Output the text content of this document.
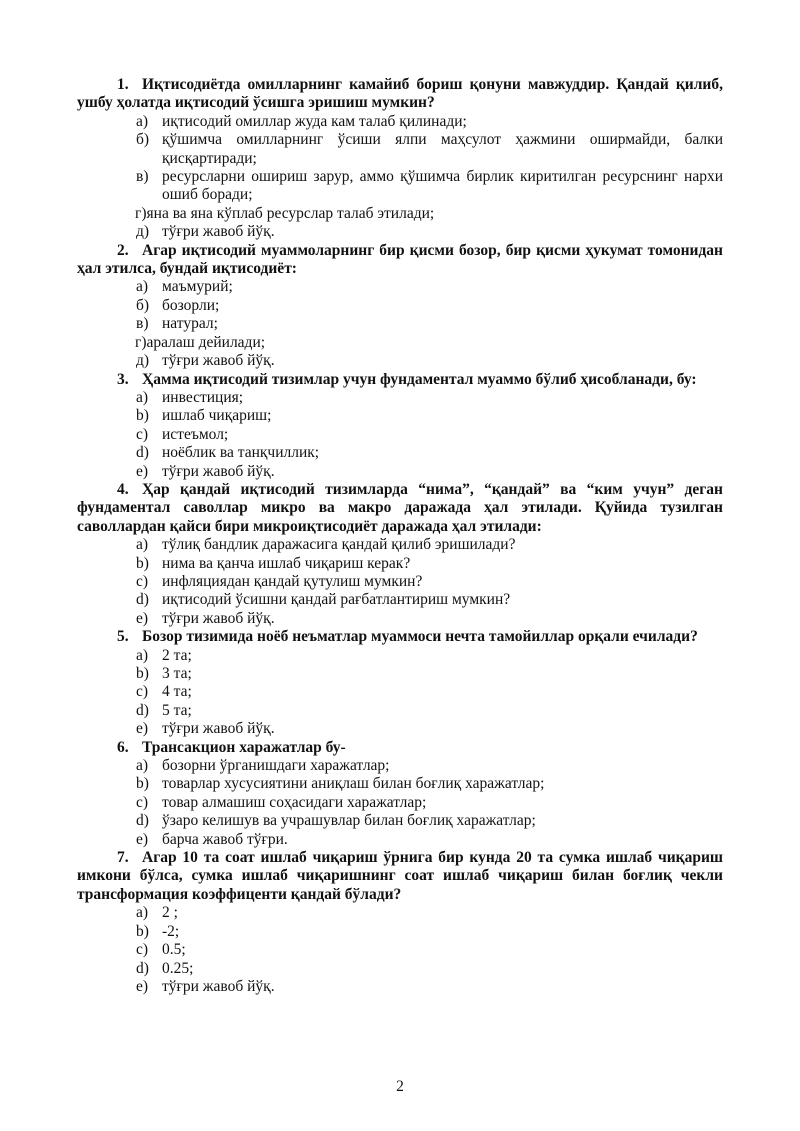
1. Иқтисодиётда омилларнинг камайиб бориш қонуни мавжуддир. Қандай қилиб, ушбу ҳолатда иқтисодий ўсишга эришиш мумкин?
а) иқтисодий омиллар жуда кам талаб қилинади;
б) қўшимча омилларнинг ўсиши ялпи маҳсулот ҳажмини оширмайди, балки қисқартиради;
в) ресурсларни ошириш зарур, аммо қўшимча бирлик киритилган ресурснинг нархи ошиб боради;
г)яна ва яна кўплаб ресурслар талаб этилади;
д) тўғри жавоб йўқ.
2. Агар иқтисодий муаммоларнинг бир қисми бозор, бир қисми ҳукумат томонидан ҳал этилса, бундай иқтисодиёт:
а) маъмурий;
б) бозорли;
в) натурал;
г)аралаш дейилади;
д) тўғри жавоб йўқ.
3. Ҳамма иқтисодий тизимлар учун фундаментал муаммо бўлиб ҳисобланади, бу:
a) инвестиция;
b) ишлаб чиқариш;
c) истеъмол;
d) ноёблик ва танқчиллик;
e) тўғри жавоб йўқ.
4. Ҳар қандай иқтисодий тизимларда “нима”, “қандай” ва “ким учун” деган фундаментал саволлар микро ва макро даражада ҳал этилади. Қуйида тузилган саволлардан қайси бири микроиқтисодиёт даражада ҳал этилади:
a) тўлиқ бандлик даражасига қандай қилиб эришилади?
b) нима ва қанча ишлаб чиқариш керак?
c) инфляциядан қандай қутулиш мумкин?
d) иқтисодий ўсишни қандай рағбатлантириш мумкин?
e) тўғри жавоб йўқ.
5. Бозор тизимида ноёб неъматлар муаммоси нечта тамойиллар орқали ечилади?
a) 2 та;
b) 3 та;
c) 4 та;
d) 5 та;
e) тўғри жавоб йўқ.
6. Трансакцион харажатлар бу-
a) бозорни ўрганишдаги харажатлар;
b) товарлар хусусиятини аниқлаш билан боғлиқ харажатлар;
c) товар алмашиш соҳасидаги харажатлар;
d) ўзаро келишув ва учрашувлар билан боғлиқ харажатлар;
e) барча жавоб тўғри.
7. Агар 10 та соат ишлаб чиқариш ўрнига бир кунда 20 та сумка ишлаб чиқариш имкони бўлса, сумка ишлаб чиқаришнинг соат ишлаб чиқариш билан боғлиқ чекли трансформация коэффиценти қандай бўлади?
a) 2 ;
b) -2;
c) 0.5;
d) 0.25;
e) тўғри жавоб йўқ.
2
